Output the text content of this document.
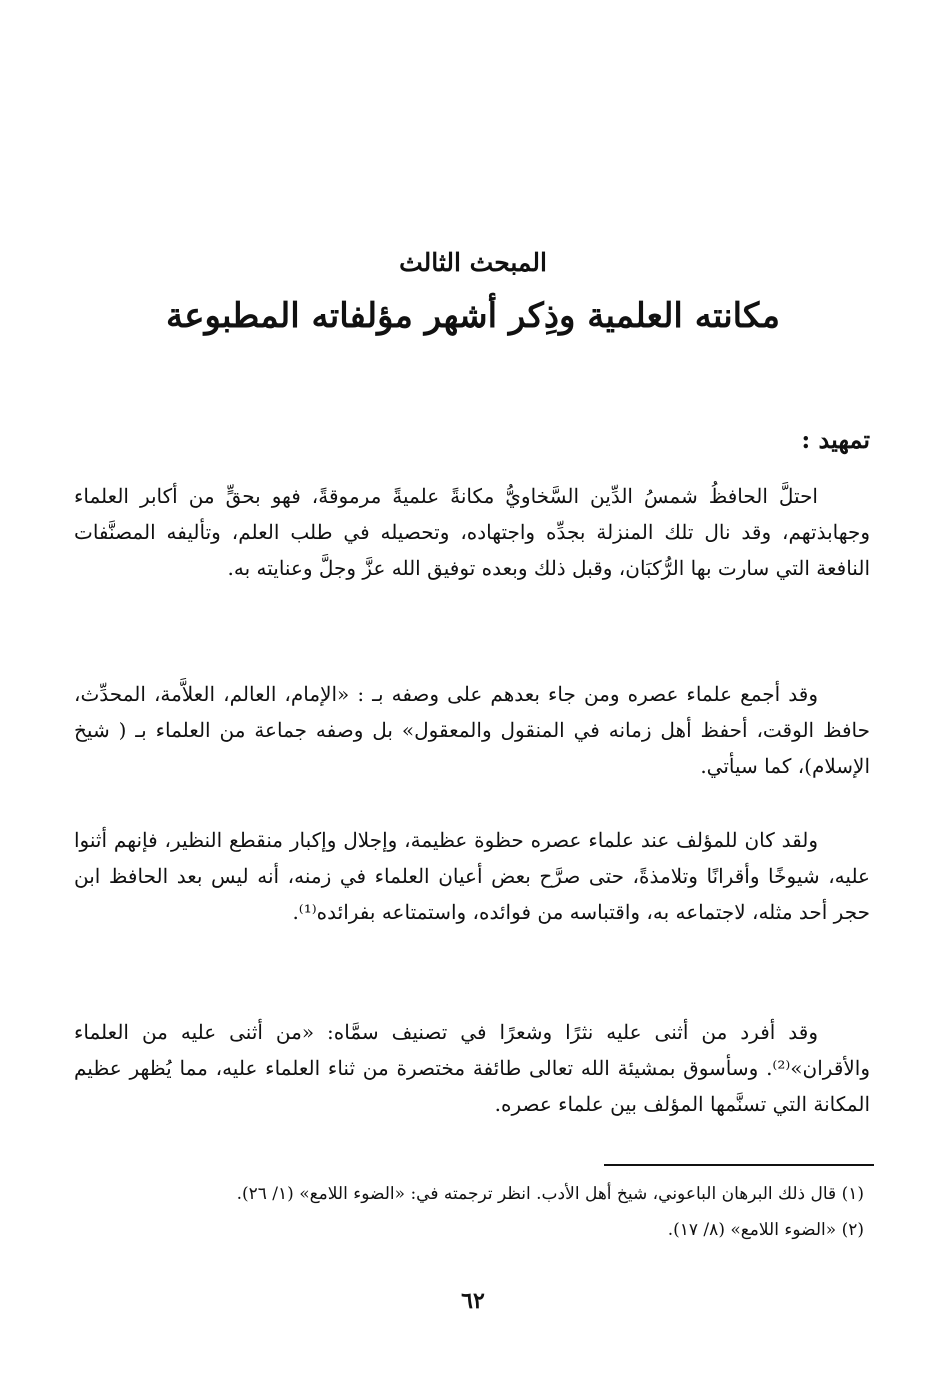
المبحث الثالث
مكانته العلمية وذِكر أشهر مؤلفاته المطبوعة
تمهيد :

احتلَّ الحافظُ شمسُ الدِّين السَّخاويُّ مكانةً علميةً مرموقةً، فهو بحقٍّ من أكابر العلماء وجهابذتهم، وقد نال تلك المنزلة بجدِّه واجتهاده، وتحصيله في طلب العلم، وتأليفه المصنَّفات النافعة التي سارت بها الرُّكبَان، وقبل ذلك وبعده توفيق الله عزَّ وجلَّ وعنايته به.

وقد أجمع علماء عصره ومن جاء بعدهم على وصفه بـ : «الإمام، العالم، العلاَّمة، المحدِّث، حافظ الوقت، أحفظ أهل زمانه في المنقول والمعقول» بل وصفه جماعة من العلماء بـ ( شيخ الإسلام)، كما سيأتي.

ولقد كان للمؤلف عند علماء عصره حظوة عظيمة، وإجلال وإكبار منقطع النظير، فإنهم أثنوا عليه، شيوخًا وأقرانًا وتلامذةً، حتى صرَّح بعض أعيان العلماء في زمنه، أنه ليس بعد الحافظ ابن حجر أحد مثله، لاجتماعه به، واقتباسه من فوائده، واستمتاعه بفرائده⁽¹⁾.

وقد أفرد من أثنى عليه نثرًا وشعرًا في تصنيف سمَّاه: «من أثنى عليه من العلماء والأقران»⁽²⁾. وسأسوق بمشيئة الله تعالى طائفة مختصرة من ثناء العلماء عليه، مما يُظهر عظيم المكانة التي تسنَّمها المؤلف بين علماء عصره.

(١) قال ذلك البرهان الباعوني، شيخ أهل الأدب. انظر ترجمته في: «الضوء اللامع» (١/ ٢٦).

(٢) «الضوء اللامع» (٨/ ١٧).

٦٢
